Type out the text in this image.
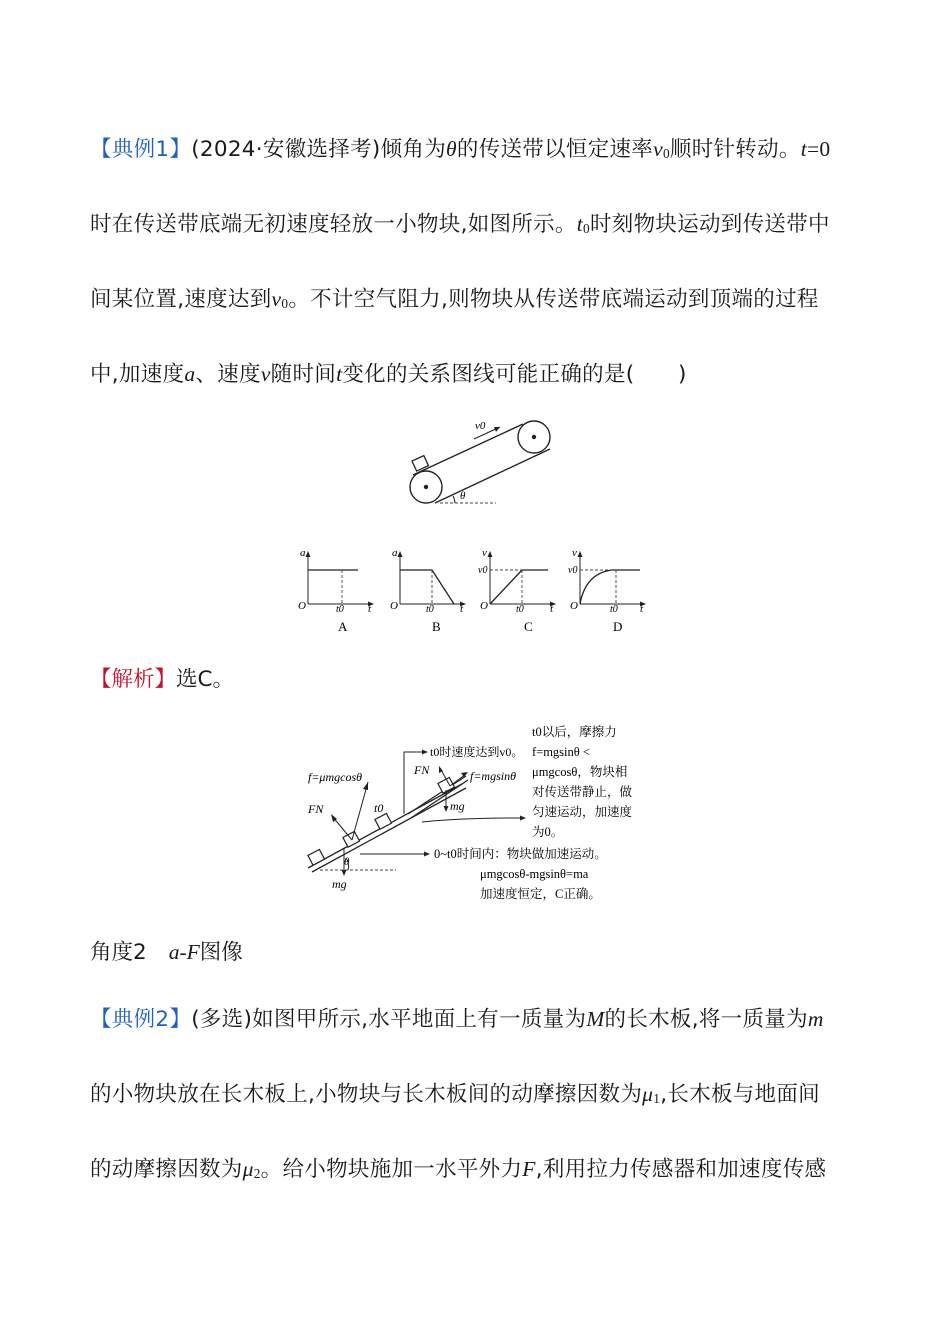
【典例1】(2024·安徽选择考)倾角为θ的传送带以恒定速率v0顺时针转动。t=0
时在传送带底端无初速度轻放一小物块,如图所示。t0时刻物块运动到传送带中
间某位置,速度达到v0。不计空气阻力,则物块从传送带底端运动到顶端的过程
中,加速度a、速度v随时间t变化的关系图线可能正确的是(　　)
v0
θ
a
O	t0 t
A
a
O	t0 t
B
v
v0
O	t0 t
C
v
v0
O	t0 t
D
【解析】选C。
θ
f=μmgcosθ
FN
mg
t0
FN	f=mgsinθ
mg
t0时速度达到v0。
t0以后，摩擦力
f=mgsinθ <
μmgcosθ，物块相
对传送带静止，做
匀速运动，加速度
为0。
0~t0时间内：物块做加速运动。
μmgcosθ-mgsinθ=ma
加速度恒定，C正确。
角度2 a-F图像
【典例2】(多选)如图甲所示,水平地面上有一质量为M的长木板,将一质量为m
的小物块放在长木板上,小物块与长木板间的动摩擦因数为μ1,长木板与地面间
的动摩擦因数为μ2。给小物块施加一水平外力F,利用拉力传感器和加速度传感
